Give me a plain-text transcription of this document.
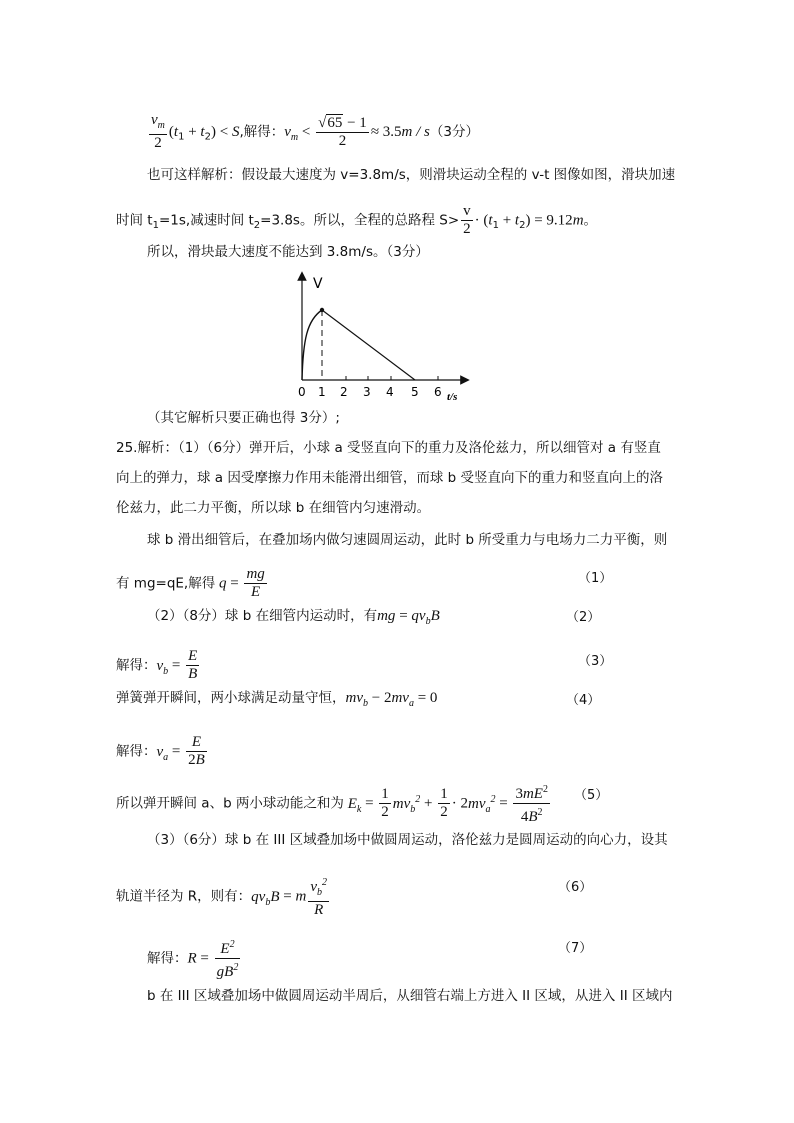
$\frac{v_m}{2} (t_1 + t_2) < S$,解得：$v_m < \frac{√65 - 1}{2} \approx 3.5m / s(3$分）
也可这样解析：假设最大速度为 v=3.8m/s，则滑块运动全程的 v-t 图像如图，滑块加速
时间 $t_1=1s$,减速时间 $t_2=3.8s$。所以，全程的总路程 $S> \frac{v}{2} \cdot (t_1 + t_2) = 9.12m$。
所以，滑块最大速度不能达到 3.8m/s。（3分）
V
t/s
0 1 2 3 4 5 6
（其它解析只要正确也得 3分）;
25.解析：（1）（6分）弹开后，小球 a 受竖直向下的重力及洛伦兹力，所以细管对 a 有竖直
向上的弹力，球 a 因受摩擦力作用未能滑出细管，而球 b 受竖直向下的重力和竖直向上的洛
伦兹力，此二力平衡，所以球 b 在细管内匀速滑动。
球 b 滑出细管后，在叠加场内做匀速圆周运动，此时 b 所受重力与电场力二力平衡，则
有 mg=qE,解得 $q = \frac{mg}{E}$	（1）
（2）（8分）球 b 在细管内运动时，有mg = $qv_bB$	（2）
解得：$v_b = \frac{E}{B}$	（3）
弹簧弹开瞬间，两小球满足动量守恒，$mv_b - 2mv_a = 0$	（4）
解得：$v_a = \frac{E}{2B}$
所以弹开瞬间 a、b 两小球动能之和为 $E_k = \frac{1}{2} mv_b^2 + \frac{1}{2} \cdot 2mv_a^2 = \frac{3mE^2}{4B^2} (5)$
（3）（6分）球 b 在 III 区域叠加场中做圆周运动，洛伦兹力是圆周运动的向心力，设其
轨道半径为 R，则有：$qv_bB = m \frac{v_b^2}{R}$	（6）
解得：$R = \frac{E^2}{gB^2}$	（7）
b 在 III 区域叠加场中做圆周运动半周后，从细管右端上方进入 II 区域，从进入 II 区域内
